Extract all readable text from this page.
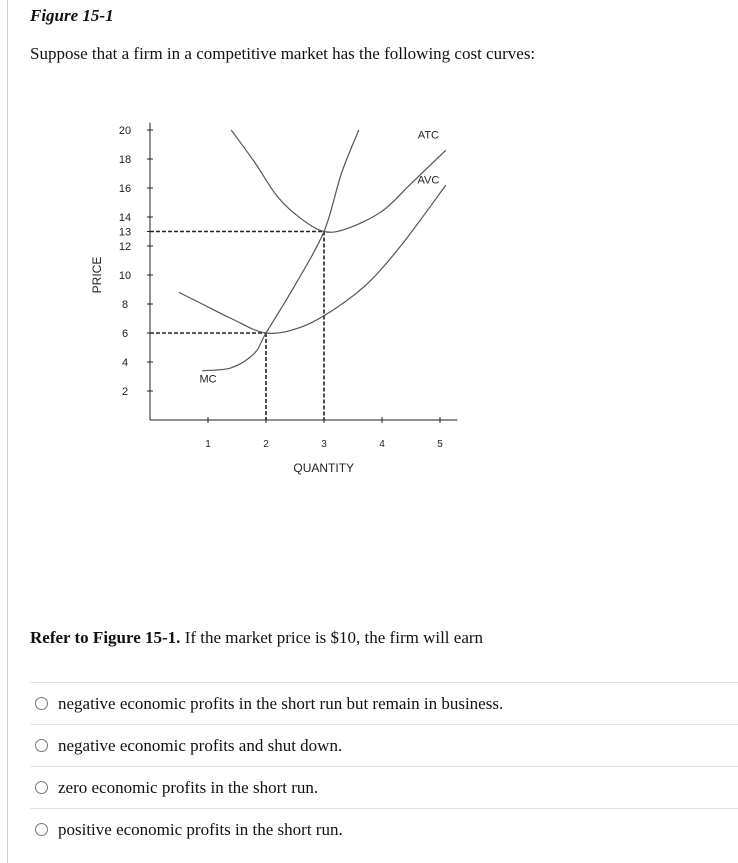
Figure 15-1
Suppose that a firm in a competitive market has the following cost curves:
2
4
6
8
10
12
13
14
16
18
20
1	2	3	4	5
QUANTITY
PRICE
MC
ATC
AVC
Refer to Figure 15-1. If the market price is $10, the firm will earn
negative economic profits in the short run but remain in business.
negative economic profits and shut down.
zero economic profits in the short run.
positive economic profits in the short run.
